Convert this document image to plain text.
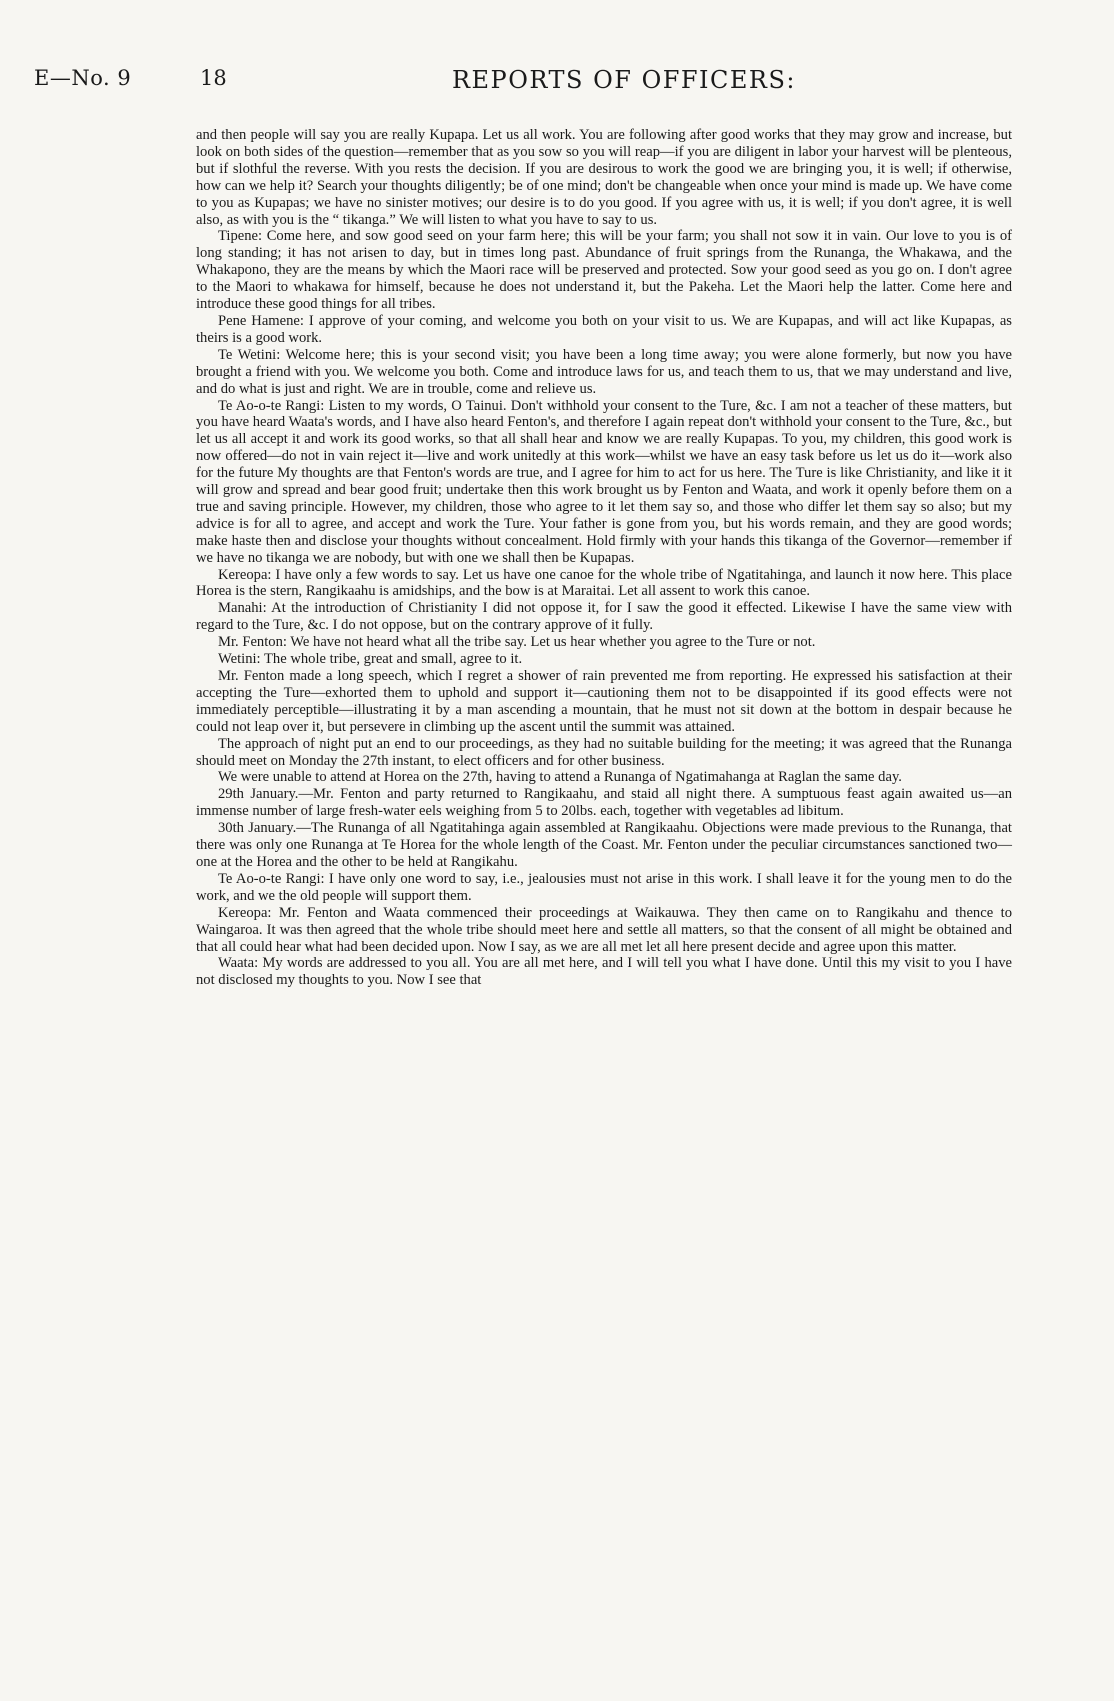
E—No. 9	18	REPORTS OF OFFICERS:

and then people will say you are really Kupapa. Let us all work. You are following after good works that they may grow and increase, but look on both sides of the question—remember that as you sow so you will reap—if you are diligent in labor your harvest will be plenteous, but if slothful the reverse. With you rests the decision. If you are desirous to work the good we are bringing you, it is well; if otherwise, how can we help it? Search your thoughts diligently; be of one mind; don't be changeable when once your mind is made up. We have come to you as Kupapas; we have no sinister motives; our desire is to do you good. If you agree with us, it is well; if you don't agree, it is well also, as with you is the “ tikanga.” We will listen to what you have to say to us.

Tipene: Come here, and sow good seed on your farm here; this will be your farm; you shall not sow it in vain. Our love to you is of long standing; it has not arisen to day, but in times long past. Abundance of fruit springs from the Runanga, the Whakawa, and the Whakapono, they are the means by which the Maori race will be preserved and protected. Sow your good seed as you go on. I don't agree to the Maori to whakawa for himself, because he does not understand it, but the Pakeha. Let the Maori help the latter. Come here and introduce these good things for all tribes.

Pene Hamene: I approve of your coming, and welcome you both on your visit to us. We are Kupapas, and will act like Kupapas, as theirs is a good work.

Te Wetini: Welcome here; this is your second visit; you have been a long time away; you were alone formerly, but now you have brought a friend with you. We welcome you both. Come and introduce laws for us, and teach them to us, that we may understand and live, and do what is just and right. We are in trouble, come and relieve us.

Te Ao-o-te Rangi: Listen to my words, O Tainui. Don't withhold your consent to the Ture, &c. I am not a teacher of these matters, but you have heard Waata's words, and I have also heard Fenton's, and therefore I again repeat don't withhold your consent to the Ture, &c., but let us all accept it and work its good works, so that all shall hear and know we are really Kupapas. To you, my children, this good work is now offered—do not in vain reject it—live and work unitedly at this work—whilst we have an easy task before us let us do it—work also for the future My thoughts are that Fenton's words are true, and I agree for him to act for us here. The Ture is like Christianity, and like it it will grow and spread and bear good fruit; undertake then this work brought us by Fenton and Waata, and work it openly before them on a true and saving principle. However, my children, those who agree to it let them say so, and those who differ let them say so also; but my advice is for all to agree, and accept and work the Ture. Your father is gone from you, but his words remain, and they are good words; make haste then and disclose your thoughts without concealment. Hold firmly with your hands this tikanga of the Governor—remember if we have no tikanga we are nobody, but with one we shall then be Kupapas.

Kereopa: I have only a few words to say. Let us have one canoe for the whole tribe of Ngatitahinga, and launch it now here. This place Horea is the stern, Rangikaahu is amidships, and the bow is at Maraitai. Let all assent to work this canoe.

Manahi: At the introduction of Christianity I did not oppose it, for I saw the good it effected. Likewise I have the same view with regard to the Ture, &c. I do not oppose, but on the contrary approve of it fully.

Mr. Fenton: We have not heard what all the tribe say. Let us hear whether you agree to the Ture or not.

Wetini: The whole tribe, great and small, agree to it.

Mr. Fenton made a long speech, which I regret a shower of rain prevented me from reporting. He expressed his satisfaction at their accepting the Ture—exhorted them to uphold and support it—cautioning them not to be disappointed if its good effects were not immediately perceptible—illustrating it by a man ascending a mountain, that he must not sit down at the bottom in despair because he could not leap over it, but persevere in climbing up the ascent until the summit was attained.

The approach of night put an end to our proceedings, as they had no suitable building for the meeting; it was agreed that the Runanga should meet on Monday the 27th instant, to elect officers and for other business.

We were unable to attend at Horea on the 27th, having to attend a Runanga of Ngatimahanga at Raglan the same day.

29th January.—Mr. Fenton and party returned to Rangikaahu, and staid all night there. A sumptuous feast again awaited us—an immense number of large fresh-water eels weighing from 5 to 20lbs. each, together with vegetables ad libitum.

30th January.—The Runanga of all Ngatitahinga again assembled at Rangikaahu. Objections were made previous to the Runanga, that there was only one Runanga at Te Horea for the whole length of the Coast. Mr. Fenton under the peculiar circumstances sanctioned two—one at the Horea and the other to be held at Rangikahu.

Te Ao-o-te Rangi: I have only one word to say, i.e., jealousies must not arise in this work. I shall leave it for the young men to do the work, and we the old people will support them.

Kereopa: Mr. Fenton and Waata commenced their proceedings at Waikauwa. They then came on to Rangikahu and thence to Waingaroa. It was then agreed that the whole tribe should meet here and settle all matters, so that the consent of all might be obtained and that all could hear what had been decided upon. Now I say, as we are all met let all here present decide and agree upon this matter.

Waata: My words are addressed to you all. You are all met here, and I will tell you what I have done. Until this my visit to you I have not disclosed my thoughts to you. Now I see that
